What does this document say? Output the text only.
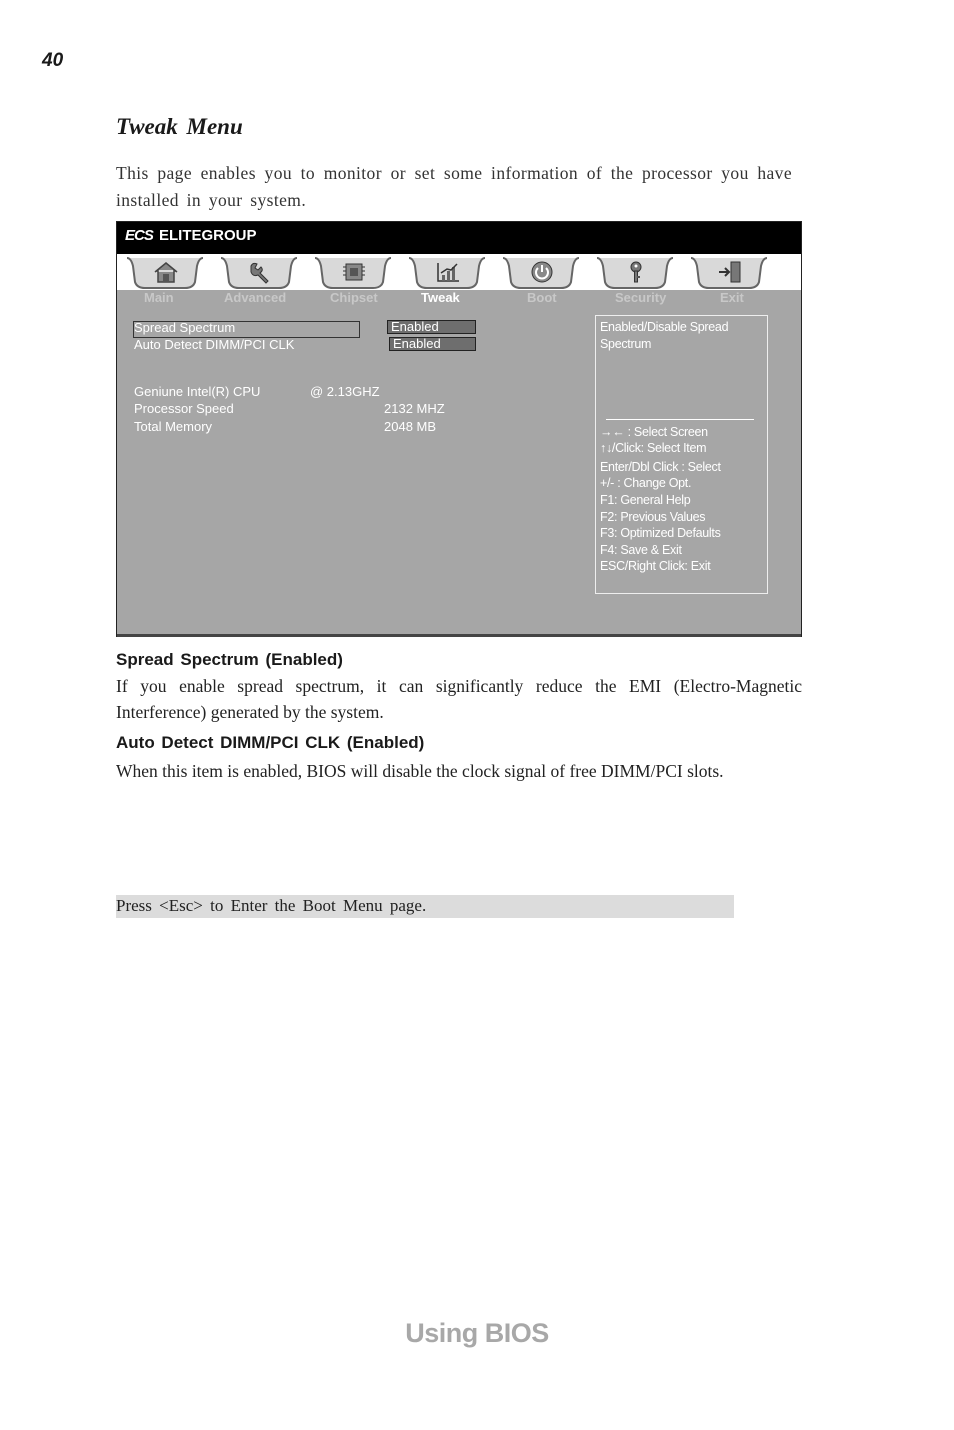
40
Tweak Menu
This page enables you to monitor or set some information of the processor you have installed in your system.
ECS ELITEGROUP
Main	Advanced	Chipset	Tweak	Boot	Security	Exit
Spread Spectrum	Enabled
Auto Detect DIMM/PCI CLK	Enabled
Geniune Intel(R) CPU	@ 2.13GHZ
Processor Speed	2132 MHZ
Total Memory	2048 MB
Enabled/Disable Spread
Spectrum
→← : Select Screen
↑↓/Click: Select Item
Enter/Dbl Click : Select
+/- : Change Opt.
F1: General Help
F2: Previous Values
F3: Optimized Defaults
F4: Save & Exit
ESC/Right Click: Exit
Spread Spectrum (Enabled)
If you enable spread spectrum, it can significantly reduce the EMI (Electro-Magnetic Interference) generated by the system.
Auto Detect DIMM/PCI CLK (Enabled)
When this item is enabled, BIOS will disable the clock signal of free DIMM/PCI slots.
Press <Esc> to Enter the Boot Menu page.
Using BIOS
